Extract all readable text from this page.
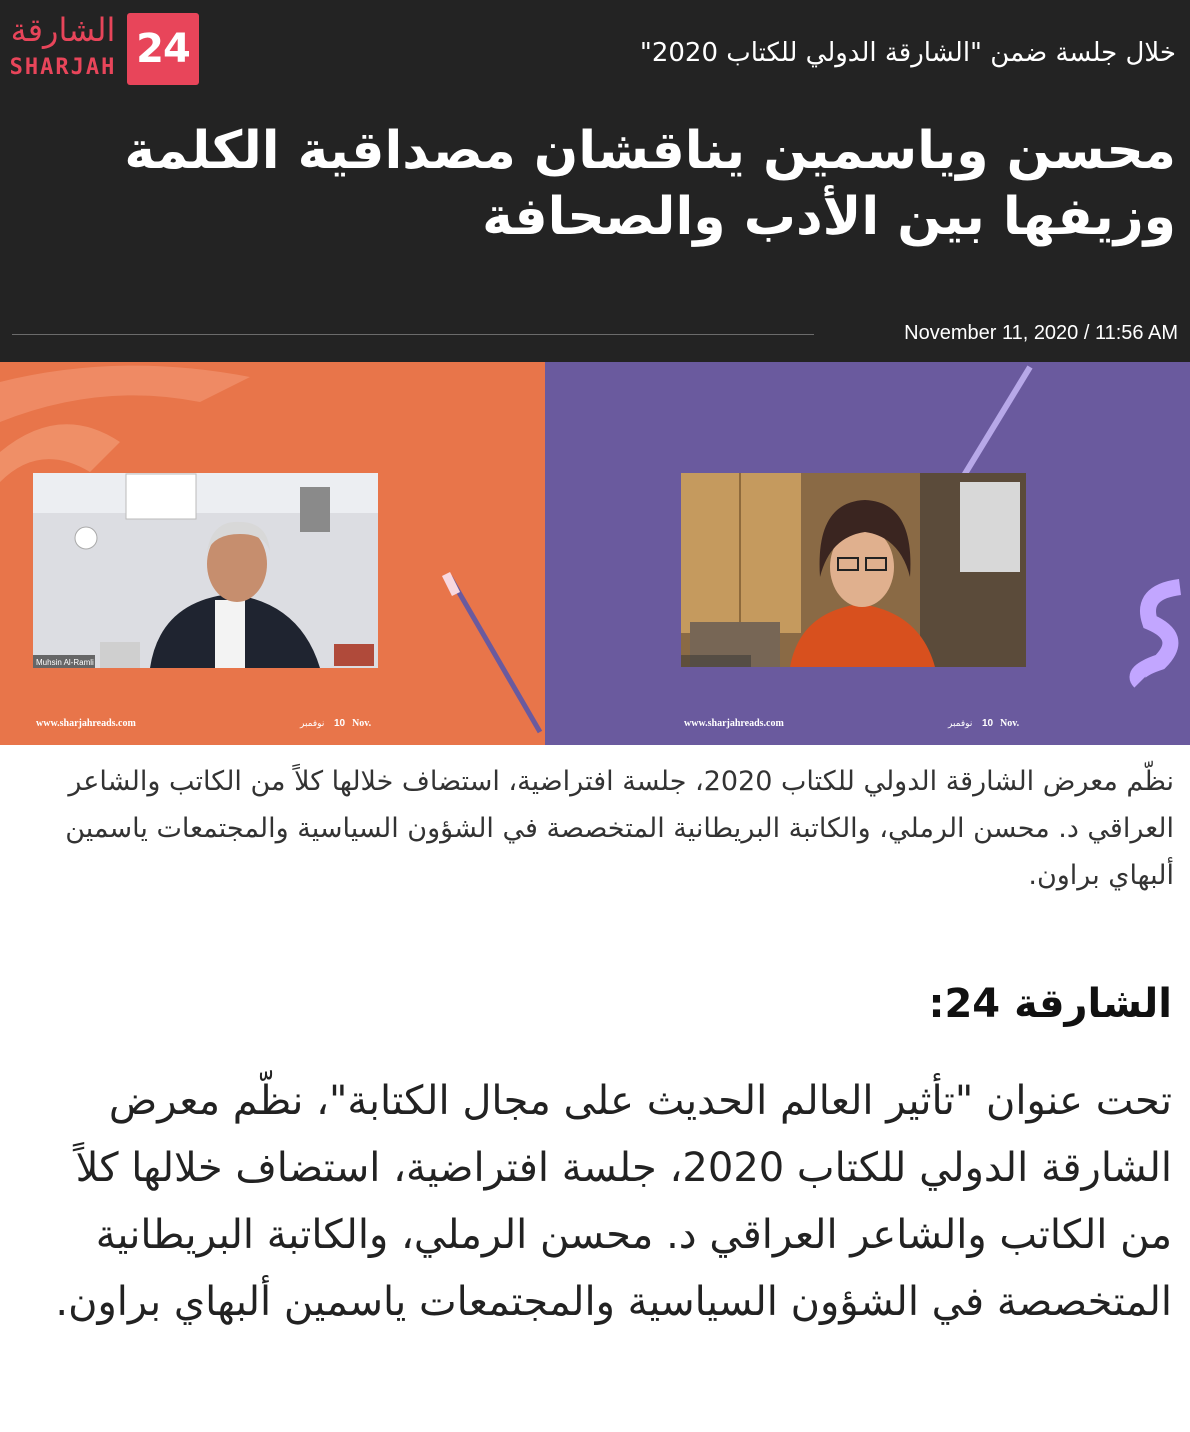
الشارقة
SHARJAH 24	خلال جلسة ضمن "الشارقة الدولي للكتاب 2020"
محسن وياسمين يناقشان مصداقية الكلمة وزيفها بين الأدب والصحافة
November 11, 2020 / 11:56 AM
Muhsin Al-Ramli
www.sharjahreads.com	نوفمبر 10 Nov.	www.sharjahreads.com	نوفمبر 10 Nov.

نظّم معرض الشارقة الدولي للكتاب 2020، جلسة افتراضية، استضاف خلالها كلاً من الكاتب والشاعر العراقي د. محسن الرملي، والكاتبة البريطانية المتخصصة في الشؤون السياسية والمجتمعات ياسمين ألبهاي براون.

الشارقة 24:

تحت عنوان "تأثير العالم الحديث على مجال الكتابة"، نظّم معرض الشارقة الدولي للكتاب 2020، جلسة افتراضية، استضاف خلالها كلاً من الكاتب والشاعر العراقي د. محسن الرملي، والكاتبة البريطانية المتخصصة في الشؤون السياسية والمجتمعات ياسمين ألبهاي براون.
